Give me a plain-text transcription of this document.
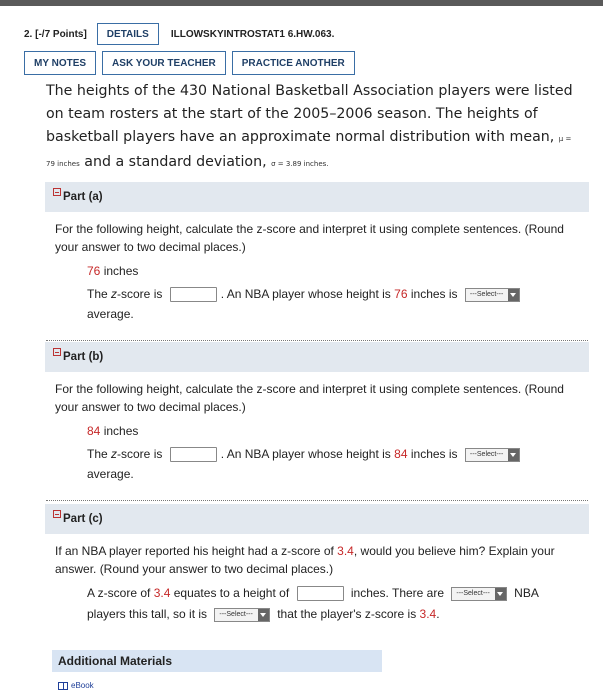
2. [-/7 Points]	DETAILS	ILLOWSKYINTROSTAT1 6.HW.063.
MY NOTES	ASK YOUR TEACHER	PRACTICE ANOTHER
The heights of the 430 National Basketball Association players were listed on team rosters at the start of the 2005–2006 season. The heights of basketball players have an approximate normal distribution with mean, μ = 79 inches and a standard deviation, σ = 3.89 inches.
Part (a)
For the following height, calculate the z-score and interpret it using complete sentences. (Round your answer to two decimal places.)
76 inches
The z-score is	. An NBA player whose height is 76 inches is ---Select---
average.
Part (b)
For the following height, calculate the z-score and interpret it using complete sentences. (Round your answer to two decimal places.)
84 inches
The z-score is	. An NBA player whose height is 84 inches is ---Select---
average.
Part (c)
If an NBA player reported his height had a z-score of 3.4, would you believe him? Explain your answer. (Round your answer to two decimal places.)
A z-score of 3.4 equates to a height of	inches. There are ---Select--- NBA
players this tall, so it is ---Select--- that the player's z-score is 3.4.
Additional Materials
eBook
